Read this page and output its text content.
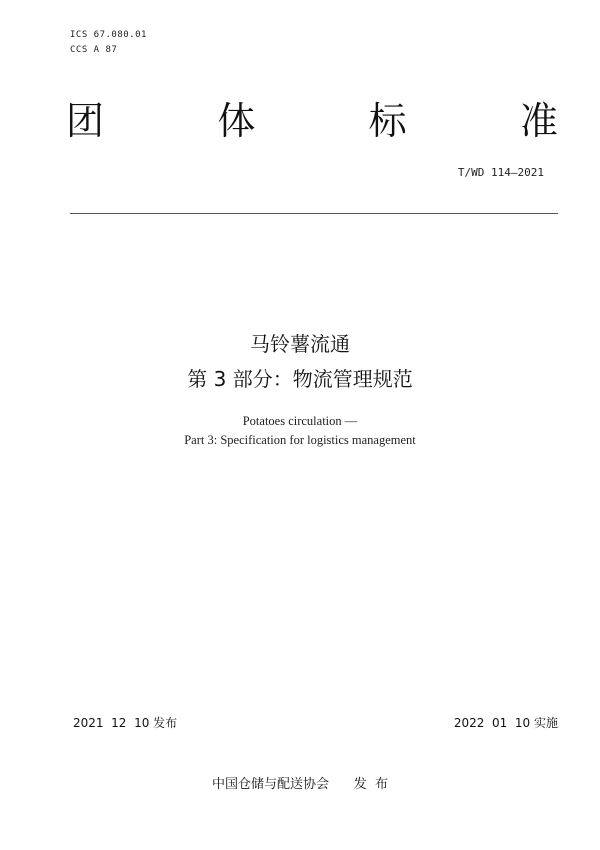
ICS 67.080.01
CCS A 87
团	体	标	准
T/WD 114—2021
马铃薯流通
第 3 部分：物流管理规范
Potatoes circulation —
Part 3: Specification for logistics management
2021  12  10 发布	2022  01  10 实施
中国仓储与配送协会      发  布
